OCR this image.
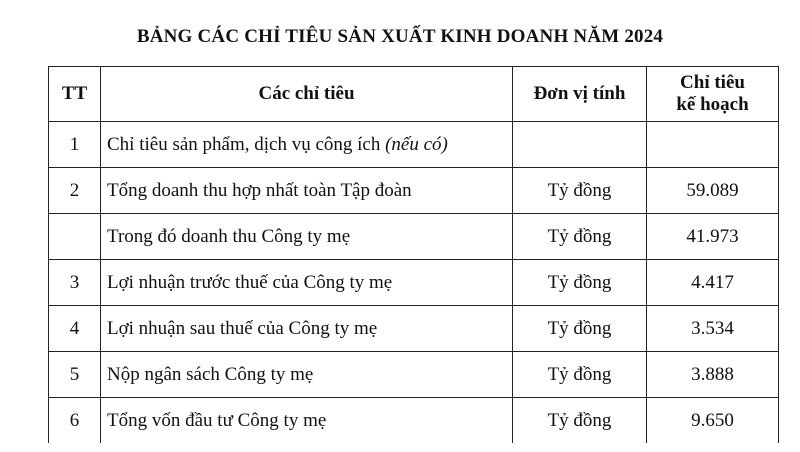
BẢNG CÁC CHỈ TIÊU SẢN XUẤT KINH DOANH NĂM 2024
TT	Các chỉ tiêu	Đơn vị tính	Chỉ tiêu
kế hoạch
1	Chỉ tiêu sản phẩm, dịch vụ công ích (nếu có)		
2	Tổng doanh thu hợp nhất toàn Tập đoàn	Tỷ đồng	59.089
	Trong đó doanh thu Công ty mẹ	Tỷ đồng	41.973
3	Lợi nhuận trước thuế của Công ty mẹ	Tỷ đồng	4.417
4	Lợi nhuận sau thuế của Công ty mẹ	Tỷ đồng	3.534
5	Nộp ngân sách Công ty mẹ	Tỷ đồng	3.888
6	Tổng vốn đầu tư Công ty mẹ	Tỷ đồng	9.650
